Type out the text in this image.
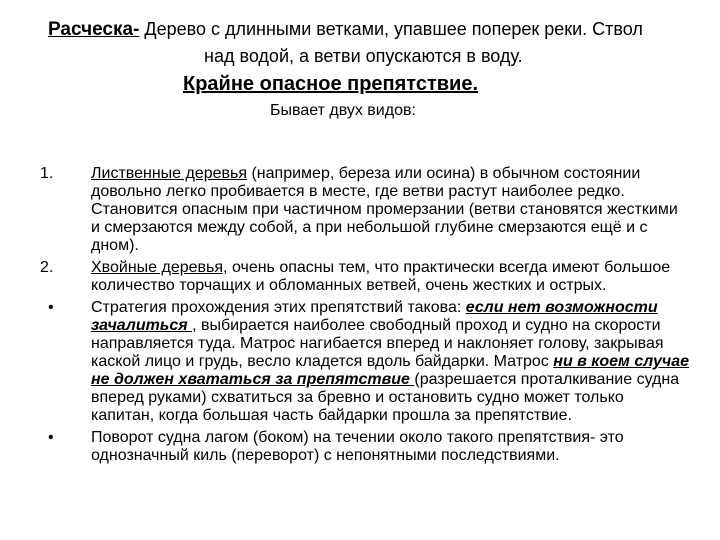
Расческа- Дерево с длинными ветками, упавшее поперек реки. Ствол
над водой, а ветви опускаются в воду.
Крайне опасное препятствие.
Бывает двух видов:
1.	Лиственные деревья (например, береза или осина) в обычном состоянии довольно легко пробивается в месте, где ветви растут наиболее редко. Становится опасным при частичном промерзании (ветви становятся жесткими и смерзаются между собой, а при небольшой глубине смерзаются ещё и с дном).
2.	Хвойные деревья, очень опасны тем, что практически всегда имеют большое количество торчащих и обломанных ветвей, очень жестких и острых.
•	Стратегия прохождения этих препятствий такова: если нет возможности зачалиться , выбирается наиболее свободный проход и судно на скорости направляется туда. Матрос нагибается вперед и наклоняет голову, закрывая каской лицо и грудь, весло кладется вдоль байдарки. Матрос ни в коем случае не должен хвататься за препятствие (разрешается проталкивание судна вперед руками) схватиться за бревно и остановить судно может только капитан, когда большая часть байдарки прошла за препятствие.
•	Поворот судна лагом (боком) на течении около такого препятствия- это однозначный киль (переворот) с непонятными последствиями.
